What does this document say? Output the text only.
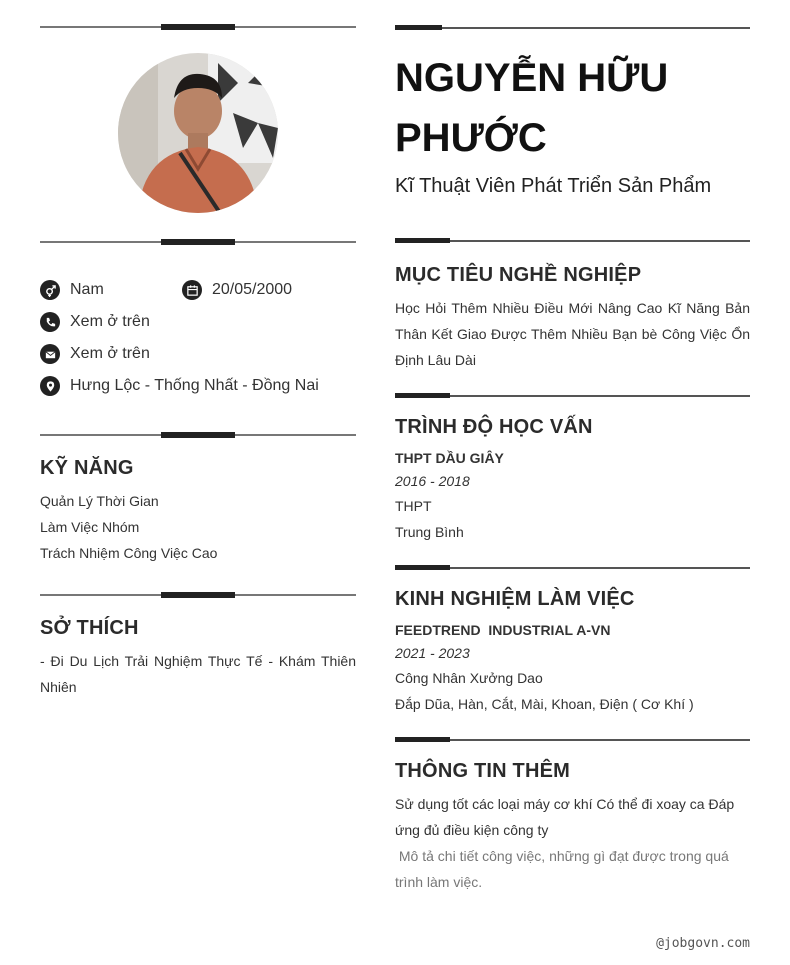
Nam	20/05/2000
Xem ở trên
Xem ở trên
Hưng Lộc - Thống Nhất - Đồng Nai
KỸ NĂNG
Quản Lý Thời Gian
Làm Việc Nhóm
Trách Nhiệm Công Việc Cao
SỞ THÍCH
- Đi Du Lịch Trải Nghiệm Thực Tế - Khám Thiên Nhiên
NGUYỄN HỮU PHƯỚC
Kĩ Thuật Viên Phát Triển Sản Phẩm
MỤC TIÊU NGHỀ NGHIỆP
Học Hỏi Thêm Nhiều Điều Mới Nâng Cao Kĩ Năng Bản Thân Kết Giao Được Thêm Nhiều Bạn bè Công Việc Ổn Định Lâu Dài
TRÌNH ĐỘ HỌC VẤN
THPT DẦU GIÂY
2016 - 2018
THPT
Trung Bình
KINH NGHIỆM LÀM VIỆC
FEEDTREND  INDUSTRIAL A-VN
2021 - 2023
Công Nhân Xưởng Dao
Đắp Dũa, Hàn, Cắt, Mài, Khoan, Điện ( Cơ Khí )
THÔNG TIN THÊM
Sử dụng tốt các loại máy cơ khí Có thể đi xoay ca Đáp ứng đủ điều kiện công ty
Mô tả chi tiết công việc, những gì đạt được trong quá trình làm việc.
@jobgovn.com
